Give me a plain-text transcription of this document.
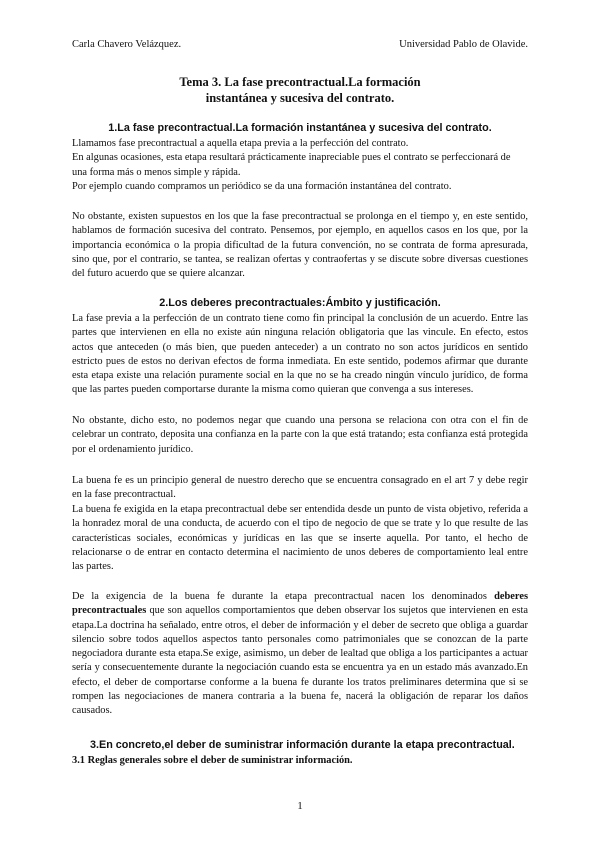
Carla Chavero Velázquez.	Universidad Pablo de Olavide.
Tema 3. La fase precontractual.La formación
instantánea y sucesiva del contrato.
1.La fase precontractual.La formación instantánea y sucesiva del contrato.
Llamamos fase precontractual a aquella etapa previa a la perfección del contrato.
En algunas ocasiones, esta etapa resultará prácticamente inapreciable pues el contrato se perfeccionará de una forma más o menos simple y rápida.
Por ejemplo cuando compramos un periódico se da una formación instantánea del contrato.
No obstante, existen supuestos en los que la fase precontractual se prolonga en el tiempo y, en este sentido, hablamos de formación sucesiva del contrato. Pensemos, por ejemplo, en aquellos casos en los que, por la importancia económica o la propia dificultad de la futura convención, no se contrata de forma apresurada, sino que, por el contrario, se tantea, se realizan ofertas y contraofertas y se discute sobre diversas cuestiones del futuro acuerdo que se quiere alcanzar.
2.Los deberes precontractuales:Ámbito y justificación.
La fase previa a la perfección de un contrato tiene como fin principal la conclusión de un acuerdo. Entre las partes que intervienen en ella no existe aún ninguna relación obligatoria que las vincule. En efecto, estos actos que anteceden (o más bien, que pueden anteceder) a un contrato no son actos jurídicos en sentido estricto pues de estos no derivan efectos de forma inmediata. En este sentido, podemos afirmar que durante esta etapa existe una relación puramente social en la que no se ha creado ningún vínculo jurídico, de forma que las partes pueden comportarse durante la misma como quieran que convenga a sus intereses.
No obstante, dicho esto, no podemos negar que cuando una persona se relaciona con otra con el fin de celebrar un contrato, deposita una confianza en la parte con la que está tratando; esta confianza está protegida por el ordenamiento jurídico.
La buena fe es un principio general de nuestro derecho que se encuentra consagrado en el art 7 y debe regir en la fase precontractual.
La buena fe exigida en la etapa precontractual debe ser entendida desde un punto de vista objetivo, referida a la honradez moral de una conducta, de acuerdo con el tipo de negocio de que se trate y lo que resulte de las características sociales, económicas y jurídicas en las que se inserte aquella. Por tanto, el hecho de relacionarse o de entrar en contacto determina el nacimiento de unos deberes de comportamiento leal entre las partes.
De la exigencia de la buena fe durante la etapa precontractual nacen los denominados deberes precontractuales que son aquellos comportamientos que deben observar los sujetos que intervienen en esta etapa.La doctrina ha señalado, entre otros, el deber de información y el deber de secreto que obliga a guardar silencio sobre todos aquellos aspectos tanto personales como patrimoniales que se conozcan de la parte negociadora durante esta etapa.Se exige, asimismo, un deber de lealtad que obliga a los participantes a actuar sería y consecuentemente durante la negociación cuando esta se encuentra ya en un estado más avanzado.En efecto, el deber de comportarse conforme a la buena fe durante los tratos preliminares determina que si se rompen las negociaciones de manera contraria a la buena fe, nacerá la obligación de reparar los daños causados.
3.En concreto,el deber de suministrar información durante la etapa precontractual.
3.1 Reglas generales sobre el deber de suministrar información.
1
